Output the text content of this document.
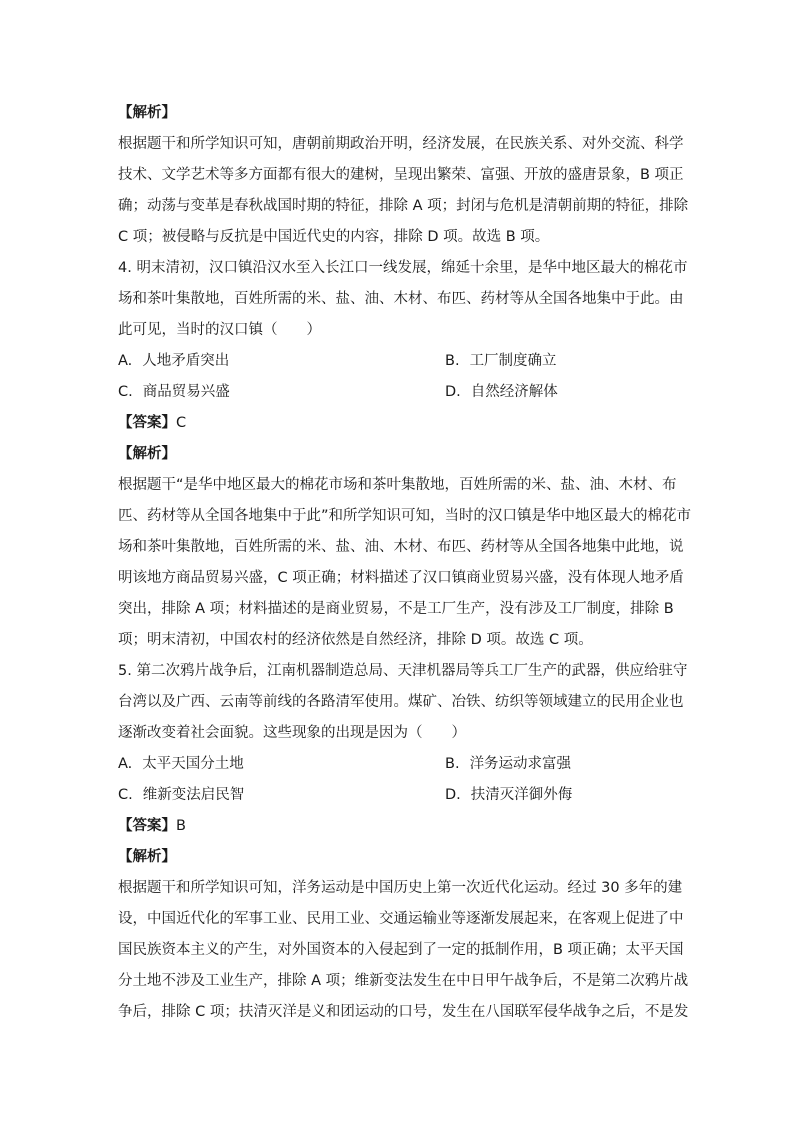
【解析】
根据题干和所学知识可知，唐朝前期政治开明，经济发展，在民族关系、对外交流、科学
技术、文学艺术等多方面都有很大的建树，呈现出繁荣、富强、开放的盛唐景象，B 项正
确；动荡与变革是春秋战国时期的特征，排除 A 项；封闭与危机是清朝前期的特征，排除
C 项；被侵略与反抗是中国近代史的内容，排除 D 项。故选 B 项。
4. 明末清初，汉口镇沿汉水至入长江口一线发展，绵延十余里，是华中地区最大的棉花市
场和茶叶集散地，百姓所需的米、盐、油、木材、布匹、药材等从全国各地集中于此。由
此可见，当时的汉口镇（　　）
A. 人地矛盾突出	B. 工厂制度确立
C. 商品贸易兴盛	D. 自然经济解体
【答案】C
【解析】
根据题干“是华中地区最大的棉花市场和茶叶集散地，百姓所需的米、盐、油、木材、布
匹、药材等从全国各地集中于此”和所学知识可知，当时的汉口镇是华中地区最大的棉花市
场和茶叶集散地，百姓所需的米、盐、油、木材、布匹、药材等从全国各地集中此地，说
明该地方商品贸易兴盛，C 项正确；材料描述了汉口镇商业贸易兴盛，没有体现人地矛盾
突出，排除 A 项；材料描述的是商业贸易，不是工厂生产，没有涉及工厂制度，排除 B
项；明末清初，中国农村的经济依然是自然经济，排除 D 项。故选 C 项。
5. 第二次鸦片战争后，江南机器制造总局、天津机器局等兵工厂生产的武器，供应给驻守
台湾以及广西、云南等前线的各路清军使用。煤矿、冶铁、纺织等领域建立的民用企业也
逐渐改变着社会面貌。这些现象的出现是因为（　　）
A. 太平天国分土地	B. 洋务运动求富强
C. 维新变法启民智	D. 扶清灭洋御外侮
【答案】B
【解析】
根据题干和所学知识可知，洋务运动是中国历史上第一次近代化运动。经过 30 多年的建
设，中国近代化的军事工业、民用工业、交通运输业等逐渐发展起来，在客观上促进了中
国民族资本主义的产生，对外国资本的入侵起到了一定的抵制作用，B 项正确；太平天国
分土地不涉及工业生产，排除 A 项；维新变法发生在中日甲午战争后，不是第二次鸦片战
争后，排除 C 项；扶清灭洋是义和团运动的口号，发生在八国联军侵华战争之后，不是发
